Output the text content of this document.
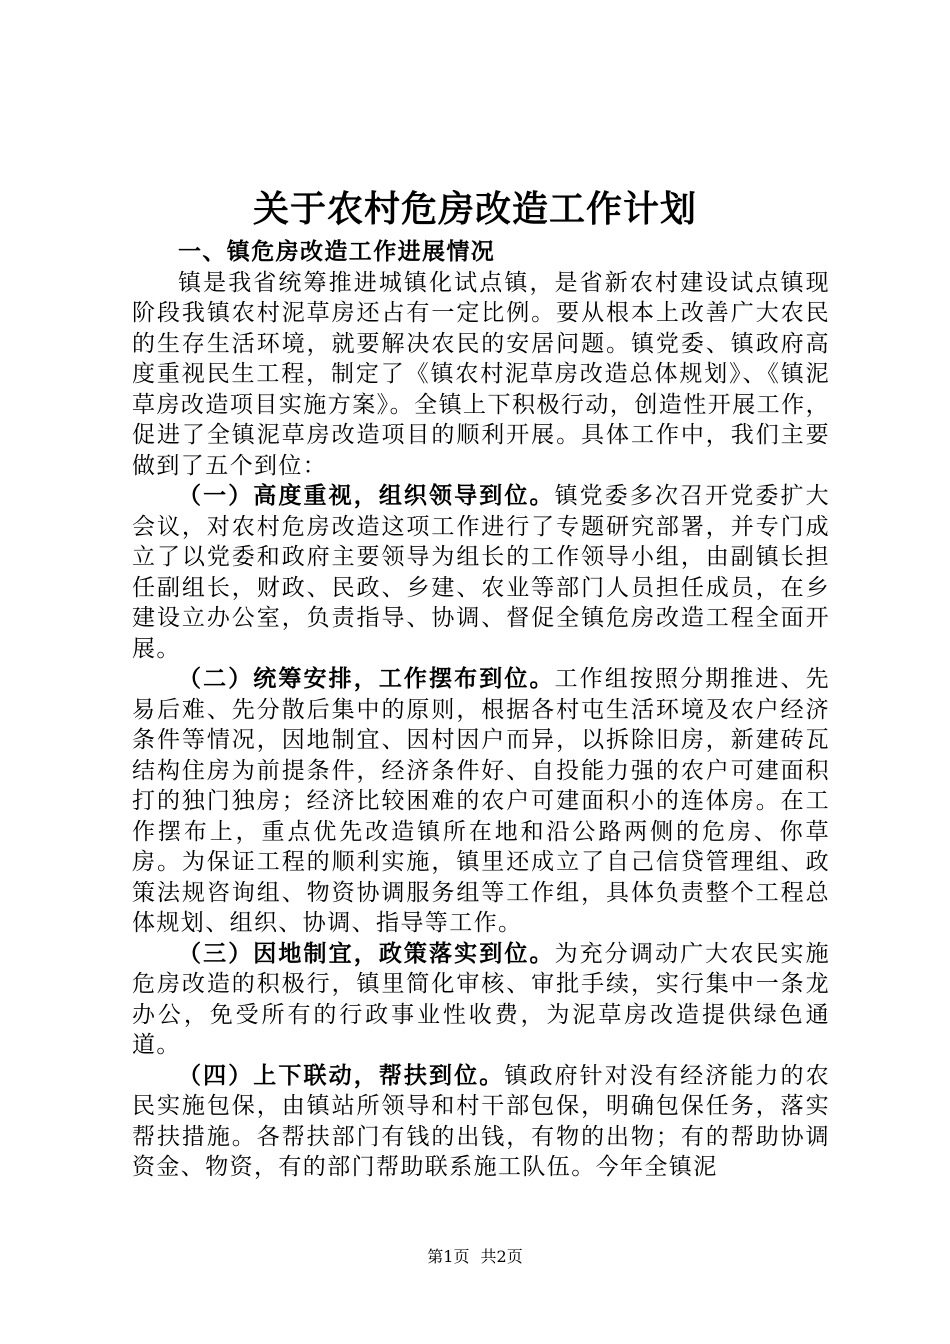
关于农村危房改造工作计划

一、镇危房改造工作进展情况

镇是我省统筹推进城镇化试点镇，是省新农村建设试点镇现阶段我镇农村泥草房还占有一定比例。要从根本上改善广大农民的生存生活环境，就要解决农民的安居问题。镇党委、镇政府高度重视民生工程，制定了《镇农村泥草房改造总体规划》、《镇泥草房改造项目实施方案》。全镇上下积极行动，创造性开展工作，促进了全镇泥草房改造项目的顺利开展。具体工作中，我们主要做到了五个到位：

（一）高度重视，组织领导到位。镇党委多次召开党委扩大会议，对农村危房改造这项工作进行了专题研究部署，并专门成立了以党委和政府主要领导为组长的工作领导小组，由副镇长担任副组长，财政、民政、乡建、农业等部门人员担任成员，在乡建设立办公室，负责指导、协调、督促全镇危房改造工程全面开展。

（二）统筹安排，工作摆布到位。工作组按照分期推进、先易后难、先分散后集中的原则，根据各村屯生活环境及农户经济条件等情况，因地制宜、因村因户而异，以拆除旧房，新建砖瓦结构住房为前提条件，经济条件好、自投能力强的农户可建面积打的独门独房；经济比较困难的农户可建面积小的连体房。在工作摆布上，重点优先改造镇所在地和沿公路两侧的危房、你草房。为保证工程的顺利实施，镇里还成立了自己信贷管理组、政策法规咨询组、物资协调服务组等工作组，具体负责整个工程总体规划、组织、协调、指导等工作。

（三）因地制宜，政策落实到位。为充分调动广大农民实施危房改造的积极行，镇里简化审核、审批手续，实行集中一条龙办公，免受所有的行政事业性收费，为泥草房改造提供绿色通道。

（四）上下联动，帮扶到位。镇政府针对没有经济能力的农民实施包保，由镇站所领导和村干部包保，明确包保任务，落实帮扶措施。各帮扶部门有钱的出钱，有物的出物；有的帮助协调资金、物资，有的部门帮助联系施工队伍。今年全镇泥

第1页 共2页
